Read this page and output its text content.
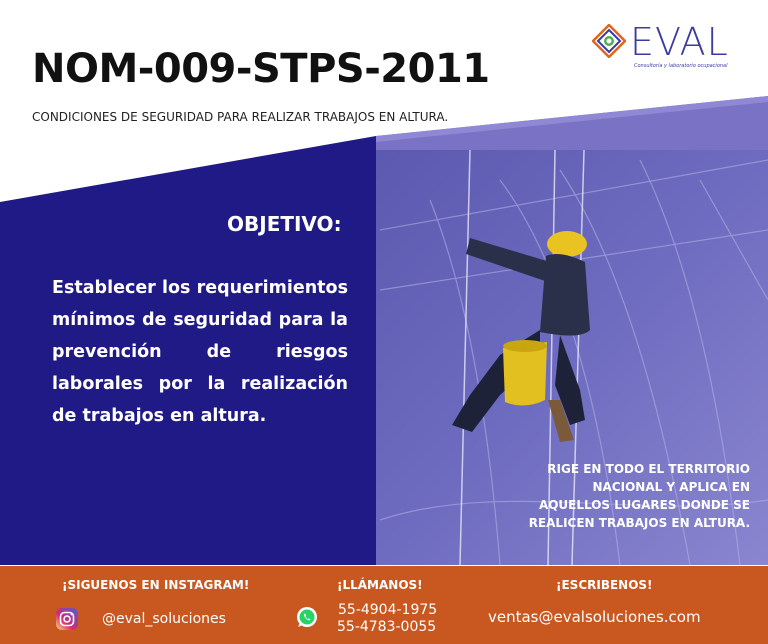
EVAL
Consultoría y laboratorio ocupacional
NOM-009-STPS-2011
CONDICIONES DE SEGURIDAD PARA REALIZAR TRABAJOS EN ALTURA.
OBJETIVO:
Establecer los requerimientos mínimos de seguridad para la prevención de riesgos laborales por la realización de trabajos en altura.
RIGE EN TODO EL TERRITORIO NACIONAL Y APLICA EN AQUELLOS LUGARES DONDE SE REALICEN TRABAJOS EN ALTURA.
¡SIGUENOS EN INSTAGRAM!
@eval_soluciones
¡LLÁMANOS!
55-4904-1975
55-4783-0055
¡ESCRIBENOS!
ventas@evalsoluciones.com
